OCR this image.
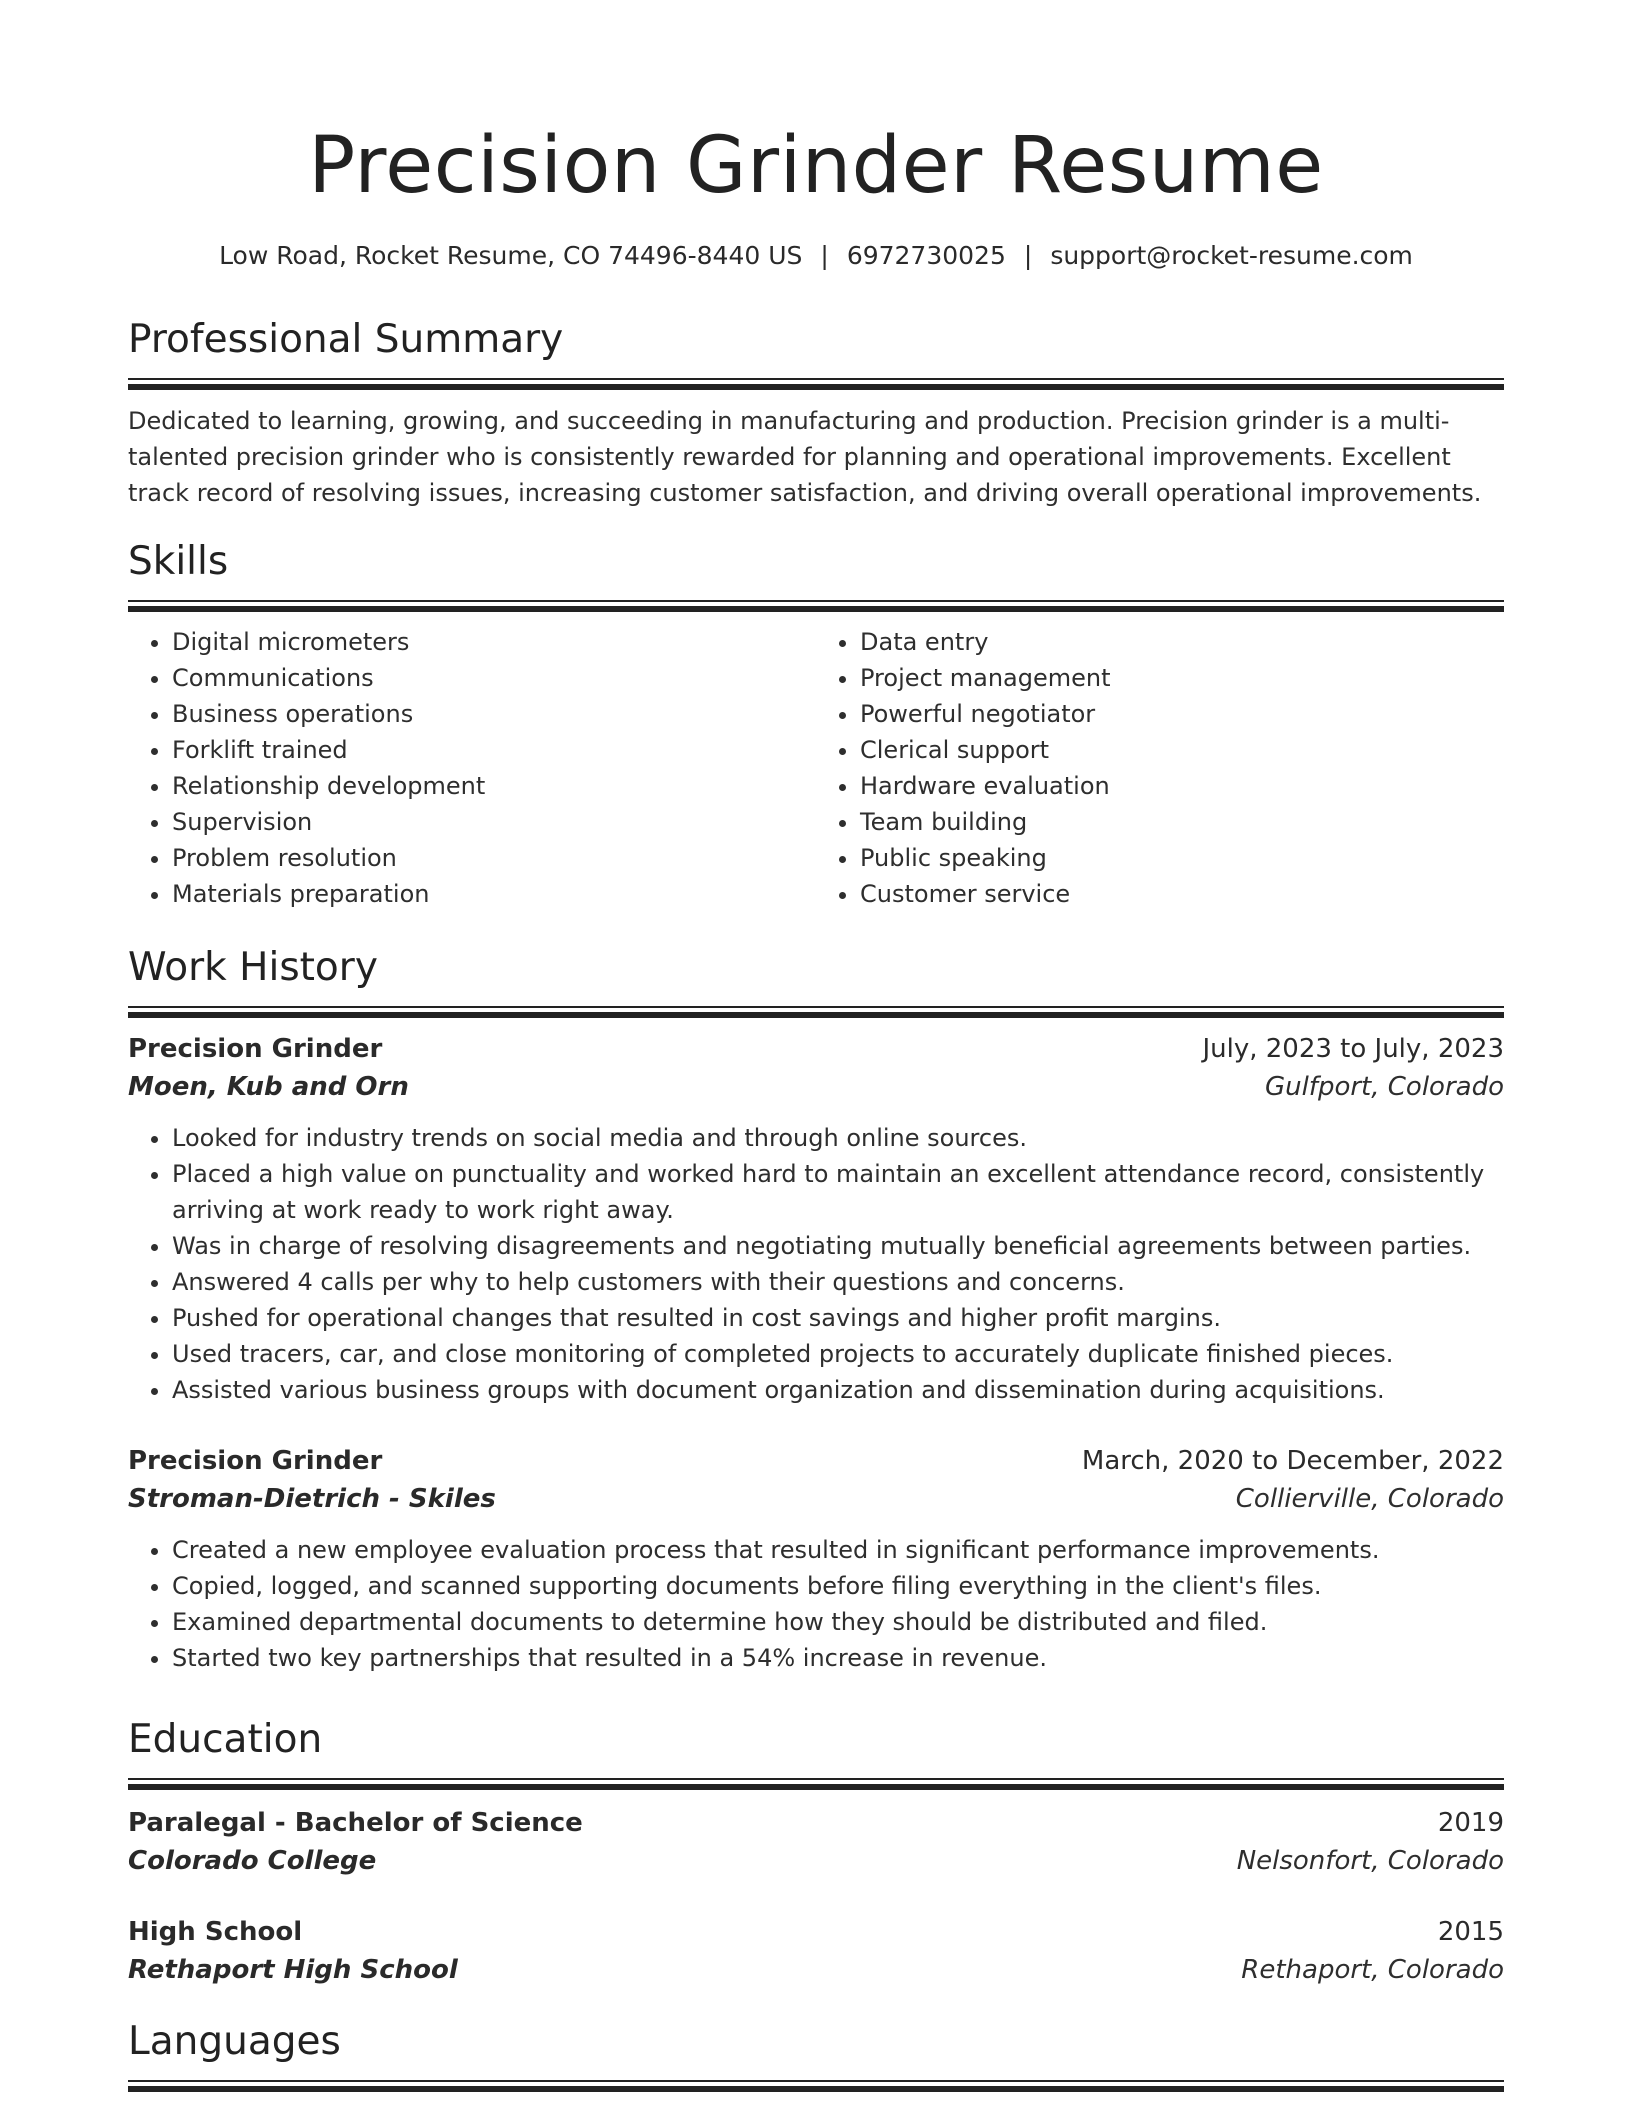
Precision Grinder Resume
Low Road, Rocket Resume, CO 74496-8440 US | 6972730025 | support@rocket-resume.com
Professional Summary

Dedicated to learning, growing, and succeeding in manufacturing and production. Precision grinder is a multi-talented precision grinder who is consistently rewarded for planning and operational improvements. Excellent track record of resolving issues, increasing customer satisfaction, and driving overall operational improvements.

Skills
• Digital micrometers
• Communications
• Business operations
• Forklift trained
• Relationship development
• Supervision
• Problem resolution
• Materials preparation
• Data entry
• Project management
• Powerful negotiator
• Clerical support
• Hardware evaluation
• Team building
• Public speaking
• Customer service
Work History
Precision Grinder	July, 2023 to July, 2023
Moen, Kub and Orn	Gulfport, Colorado
• Looked for industry trends on social media and through online sources.
• Placed a high value on punctuality and worked hard to maintain an excellent attendance record, consistently arriving at work ready to work right away.
• Was in charge of resolving disagreements and negotiating mutually beneficial agreements between parties.
• Answered 4 calls per why to help customers with their questions and concerns.
• Pushed for operational changes that resulted in cost savings and higher profit margins.
• Used tracers, car, and close monitoring of completed projects to accurately duplicate finished pieces.
• Assisted various business groups with document organization and dissemination during acquisitions.
Precision Grinder	March, 2020 to December, 2022
Stroman-Dietrich - Skiles	Collierville, Colorado
• Created a new employee evaluation process that resulted in significant performance improvements.
• Copied, logged, and scanned supporting documents before filing everything in the client's files.
• Examined departmental documents to determine how they should be distributed and filed.
• Started two key partnerships that resulted in a 54% increase in revenue.
Education
Paralegal - Bachelor of Science	2019
Colorado College	Nelsonfort, Colorado
High School	2015
Rethaport High School	Rethaport, Colorado
Languages
